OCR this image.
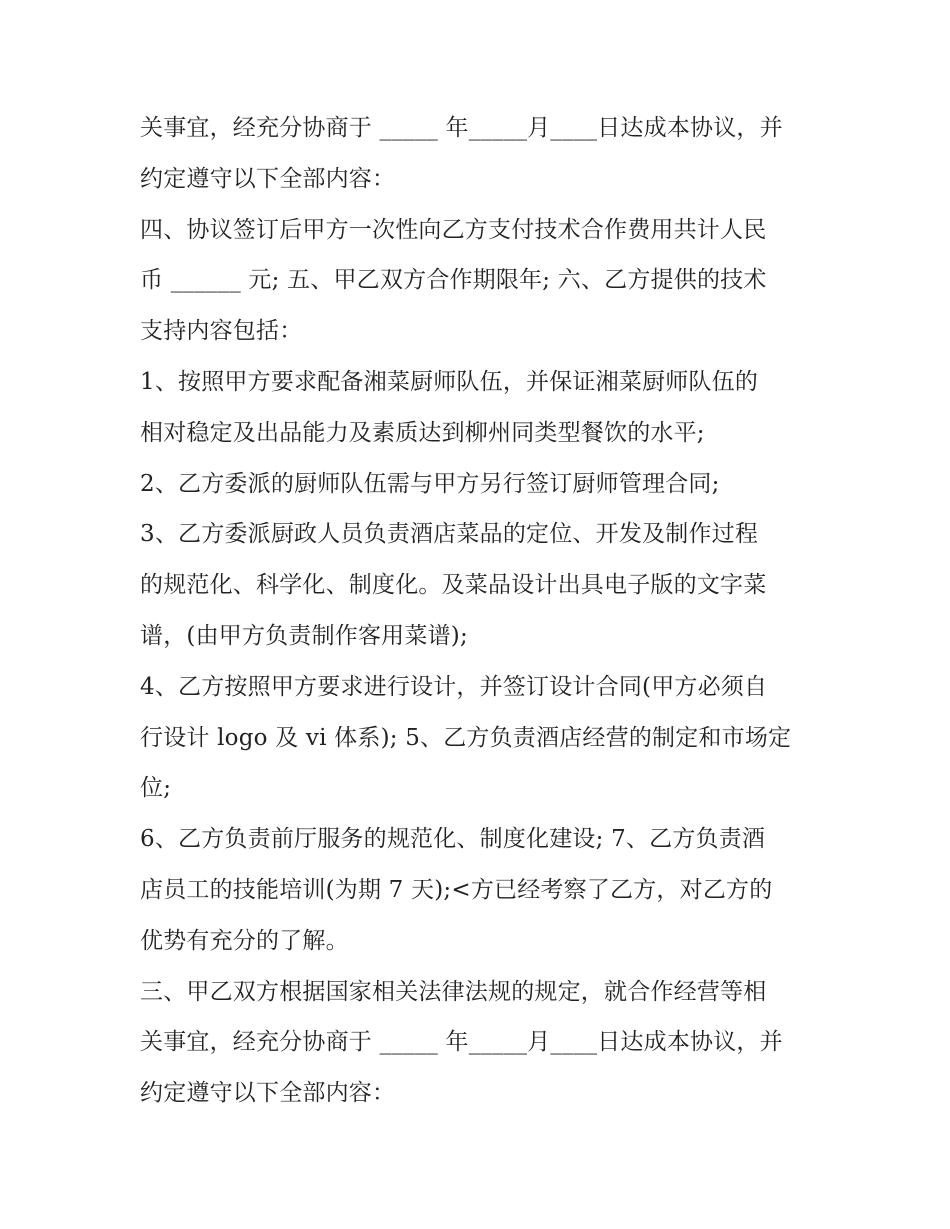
关事宜，经充分协商于 _____ 年_____月____日达成本协议，并
约定遵守以下全部内容：
四、协议签订后甲方一次性向乙方支付技术合作费用共计人民
币 ______ 元; 五、甲乙双方合作期限年; 六、乙方提供的技术
支持内容包括：
1、按照甲方要求配备湘菜厨师队伍，并保证湘菜厨师队伍的
相对稳定及出品能力及素质达到柳州同类型餐饮的水平;
2、乙方委派的厨师队伍需与甲方另行签订厨师管理合同;
3、乙方委派厨政人员负责酒店菜品的定位、开发及制作过程
的规范化、科学化、制度化。及菜品设计出具电子版的文字菜
谱，(由甲方负责制作客用菜谱);
4、乙方按照甲方要求进行设计，并签订设计合同(甲方必须自
行设计 logo 及 vi 体系); 5、乙方负责酒店经营的制定和市场定
位;
6、乙方负责前厅服务的规范化、制度化建设; 7、乙方负责酒
店员工的技能培训(为期 7 天);<方已经考察了乙方，对乙方的
优势有充分的了解。
三、甲乙双方根据国家相关法律法规的规定，就合作经营等相
关事宜，经充分协商于 _____ 年_____月____日达成本协议，并
约定遵守以下全部内容：
